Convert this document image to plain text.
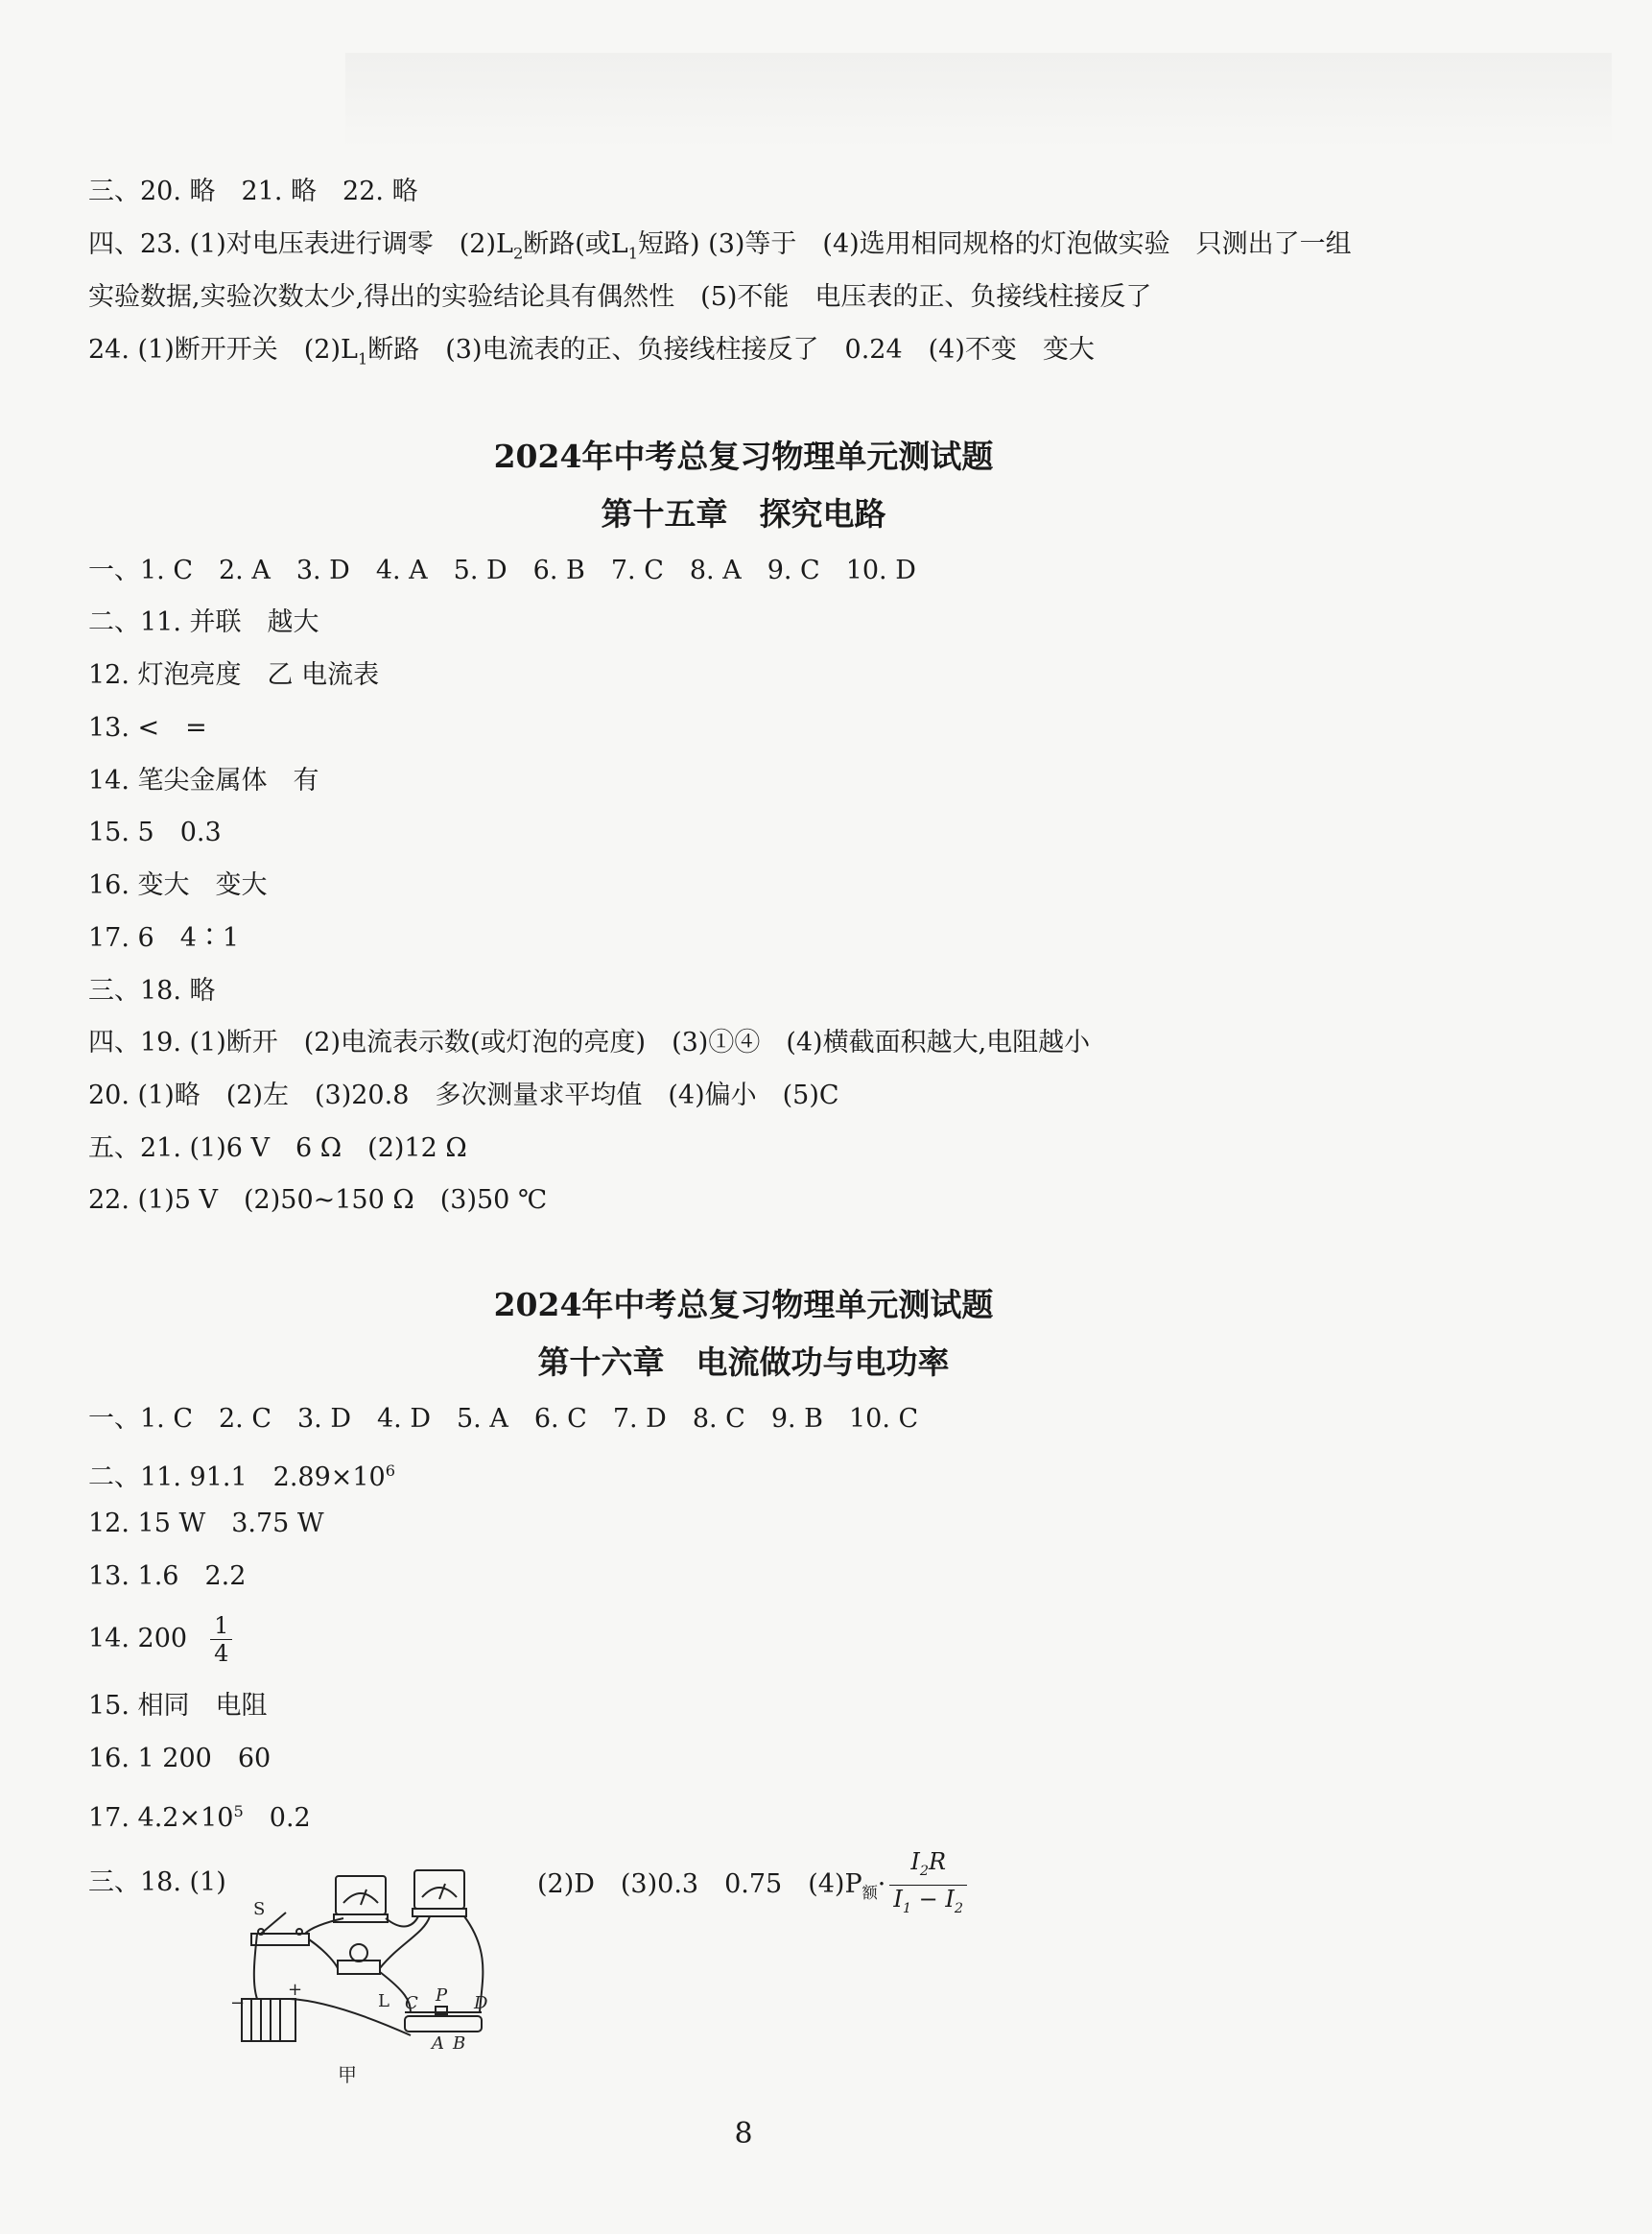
三、20. 略　21. 略　22. 略
四、23. (1)对电压表进行调零　$(2)L_2$断路(或$L_1$短路) (3)等于　(4)选用相同规格的灯泡做实验　只测出了一组
实验数据,实验次数太少,得出的实验结论具有偶然性　(5)不能　电压表的正、负接线柱接反了
24. (1)断开开关　$(2)L_1$断路　(3)电流表的正、负接线柱接反了　0.24　(4)不变　变大
2024年中考总复习物理单元测试题
第十五章　探究电路
一、1. C　2. A　3. D　4. A　5. D　6. B　7. C　8. A　9. C　10. D
二、11. 并联　越大
12. 灯泡亮度　乙 电流表
13. <　=
14. 笔尖金属体　有
15. 5　0.3
16. 变大　变大
17. 6　4∶1
三、18. 略
四、19. (1)断开　(2)电流表示数(或灯泡的亮度)　(3)①④　(4)横截面积越大,电阻越小
20. (1)略　(2)左　(3)20.8　多次测量求平均值　(4)偏小　(5)C
五、21. (1)6 V　6 Ω　(2)12 Ω
22. (1)5 V　(2)50~150 Ω　(3)50 ℃
2024年中考总复习物理单元测试题
第十六章　电流做功与电功率
一、1. C　2. C　3. D　4. D　5. A　6. C　7. D　8. C　9. B　10. C
二、11. 91.1　$2.89\times 10^6$
12. 15 W　3.75 W
13. 1.6　2.2
14. $200 \frac{1}{4}$
15. 相同　电阻
16. 1 200　60
17. $4.2\times 10^5$　0.2
三、18. (1)	(2)D　(3)0.3　0.75　$(4)P_额\cdot \frac{I_2R}{I_1 - I_2}$
S
−
+
L C P D
A B
甲
8
